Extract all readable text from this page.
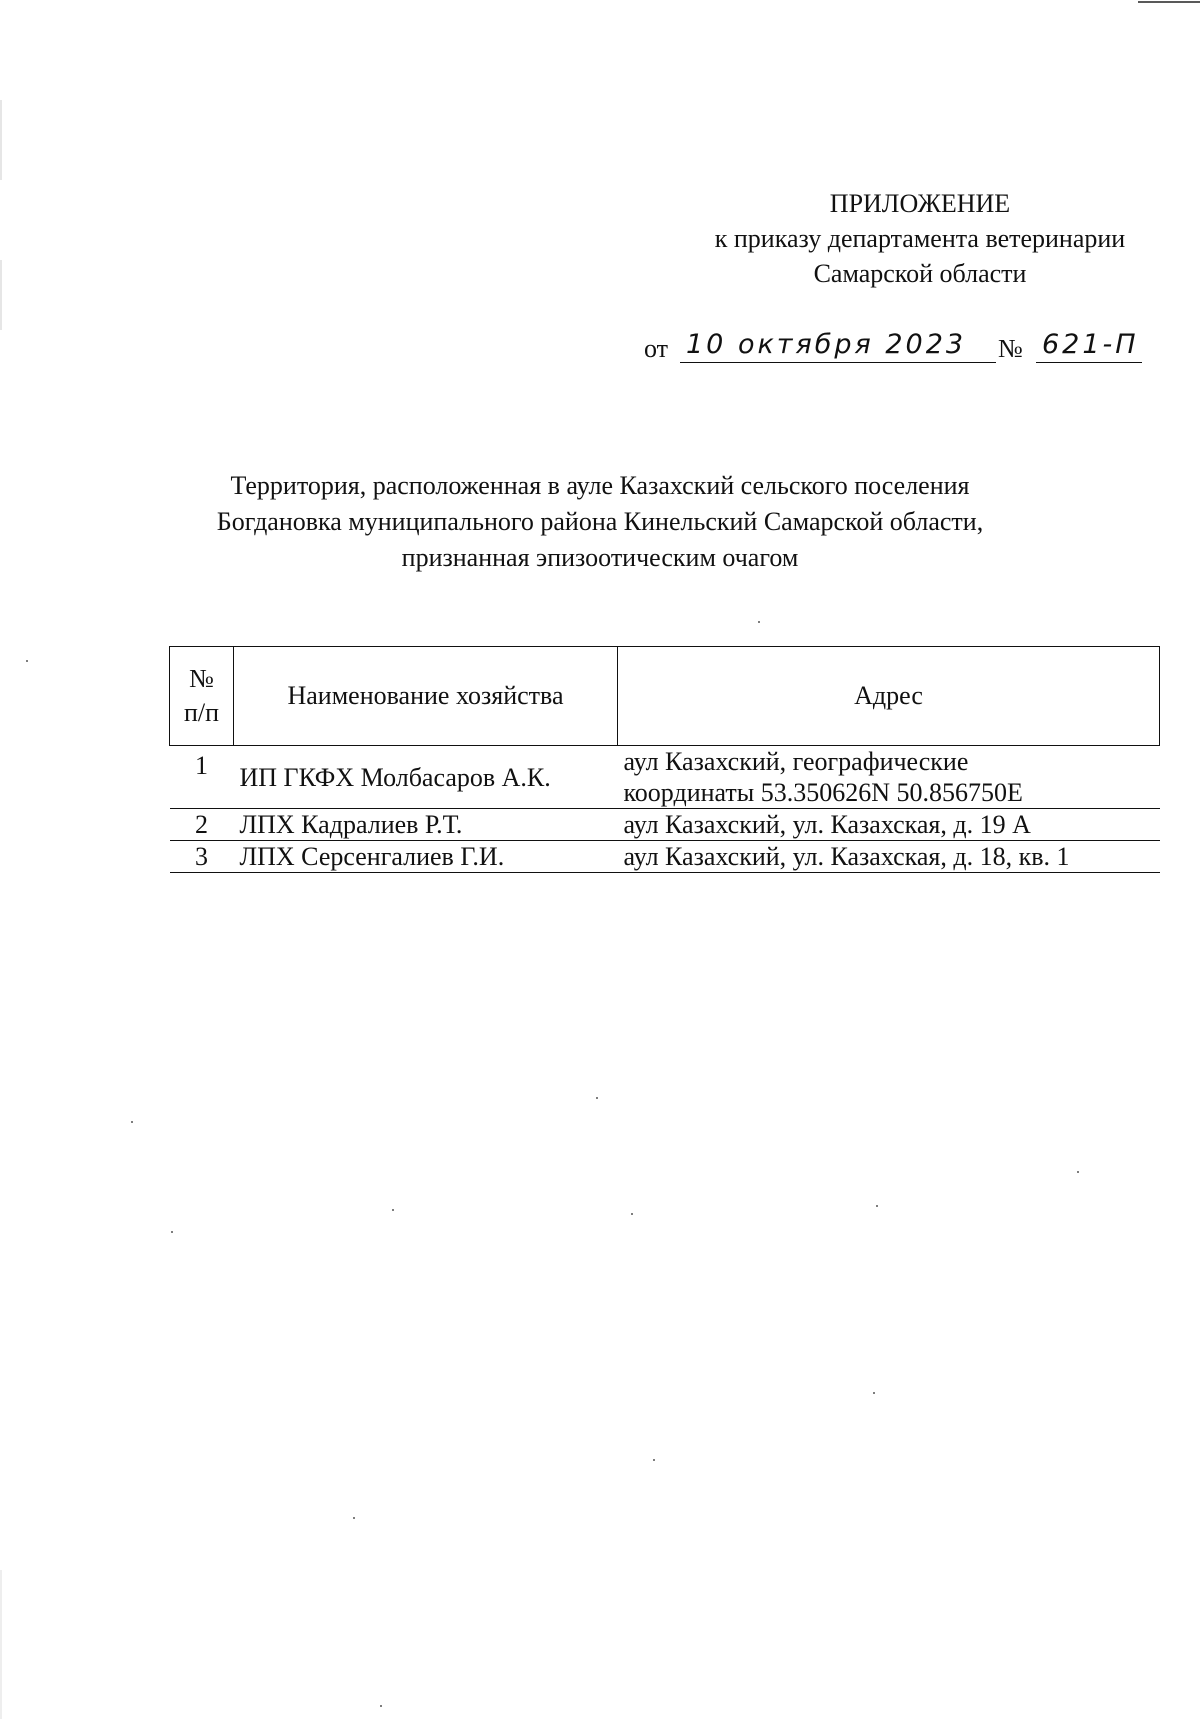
ПРИЛОЖЕНИЕ
к приказу департамента ветеринарии
Самарской области
от 10 октября 2023	№ 621-П
Территория, расположенная в ауле Казахский сельского поселения
Богдановка муниципального района Кинельский Самарской области,
признанная эпизоотическим очагом
№
п/п	Наименование хозяйства	Адрес
1	ИП ГКФХ Молбасаров А.К.	аул Казахский, географические
координаты 53.350626N 50.856750E

2	ЛПХ Кадралиев Р.Т.	аул Казахский, ул. Казахская, д. 19 А

3	ЛПХ Серсенгалиев Г.И.	аул Казахский, ул. Казахская, д. 18, кв. 1
